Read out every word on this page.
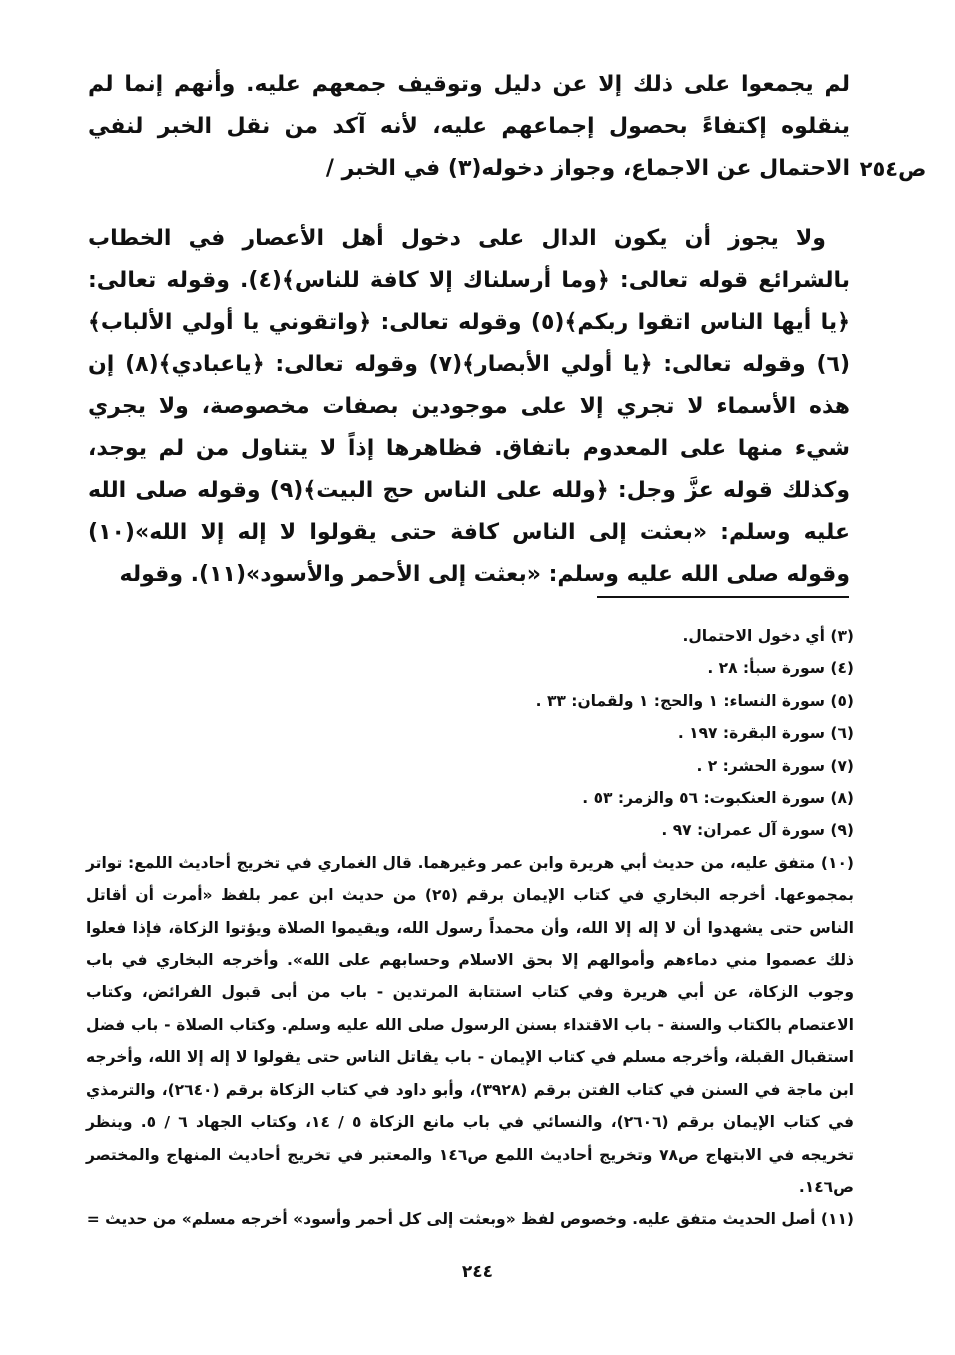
ص٢٥٤

لم يجمعوا على ذلك إلا عن دليل وتوقيف جمعهم عليه. وأنهم إنما لم ينقلوه إكتفاءً بحصول إجماعهم عليه، لأنه آكد من نقل الخبر لنفي الاحتمال عن الاجماع، وجواز دخوله(٣) في الخبر /

ولا يجوز أن يكون الدال على دخول أهل الأعصار في الخطاب بالشرائع قوله تعالى: ﴿وما أرسلناك إلا كافة للناس﴾(٤). وقوله تعالى: ﴿يا أيها الناس اتقوا ربكم﴾(٥) وقوله تعالى: ﴿واتقوني يا أولي الألباب﴾(٦) وقوله تعالى: ﴿يا أولي الأبصار﴾(٧) وقوله تعالى: ﴿ياعبادي﴾(٨) إن هذه الأسماء لا تجري إلا على موجودين بصفات مخصوصة، ولا يجري شيء منها على المعدوم باتفاق. فظاهرها إذاً لا يتناول من لم يوجد، وكذلك قوله عزَّ وجل: ﴿ولله على الناس حج البيت﴾(٩) وقوله صلى الله عليه وسلم: «بعثت إلى الناس كافة حتى يقولوا لا إله إلا الله»(١٠) وقوله صلى الله عليه وسلم: «بعثت إلى الأحمر والأسود»(١١). وقوله

(٣) أي دخول الاحتمال.

(٤) سورة سبأ: ٢٨ .

(٥) سورة النساء: ١ والحج: ١ ولقمان: ٣٣ .

(٦) سورة البقرة: ١٩٧ .

(٧) سورة الحشر: ٢ .

(٨) سورة العنكبوت: ٥٦ والزمر: ٥٣ .

(٩) سورة آل عمران: ٩٧ .

(١٠) متفق عليه، من حديث أبي هريرة وابن عمر وغيرهما. قال الغماري في تخريج أحاديث اللمع: تواتر بمجموعها. أخرجه البخاري في كتاب الإيمان برقم (٢٥) من حديث ابن عمر بلفظ «أمرت أن أقاتل الناس حتى يشهدوا أن لا إله إلا الله، وأن محمداً رسول الله، ويقيموا الصلاة ويؤتوا الزكاة، فإذا فعلوا ذلك عصموا مني دماءهم وأموالهم إلا بحق الاسلام وحسابهم على الله». وأخرجه البخاري في باب وجوب الزكاة، عن أبي هريرة وفي كتاب استتابة المرتدين - باب من أبى قبول الفرائض، وكتاب الاعتصام بالكتاب والسنة - باب الاقتداء بسنن الرسول صلى الله عليه وسلم. وكتاب الصلاة - باب فضل استقبال القبلة، وأخرجه مسلم في كتاب الإيمان - باب يقاتل الناس حتى يقولوا لا إله إلا الله، وأخرجه ابن ماجة في السنن في كتاب الفتن برقم (٣٩٢٨)، وأبو داود في كتاب الزكاة برقم (٢٦٤٠)، والترمذي في كتاب الإيمان برقم (٢٦٠٦)، والنسائي في باب مانع الزكاة ٥ / ١٤، وكتاب الجهاد ٦ / ٥. وينظر تخريجه في الابتهاج ص٧٨ وتخريج أحاديث اللمع ص١٤٦ والمعتبر في تخريج أحاديث المنهاج والمختصر ص١٤٦.

(١١) أصل الحديث متفق عليه. وخصوص لفظ «وبعثت إلى كل أحمر وأسود» أخرجه مسلم» من حديث =

٢٤٤
